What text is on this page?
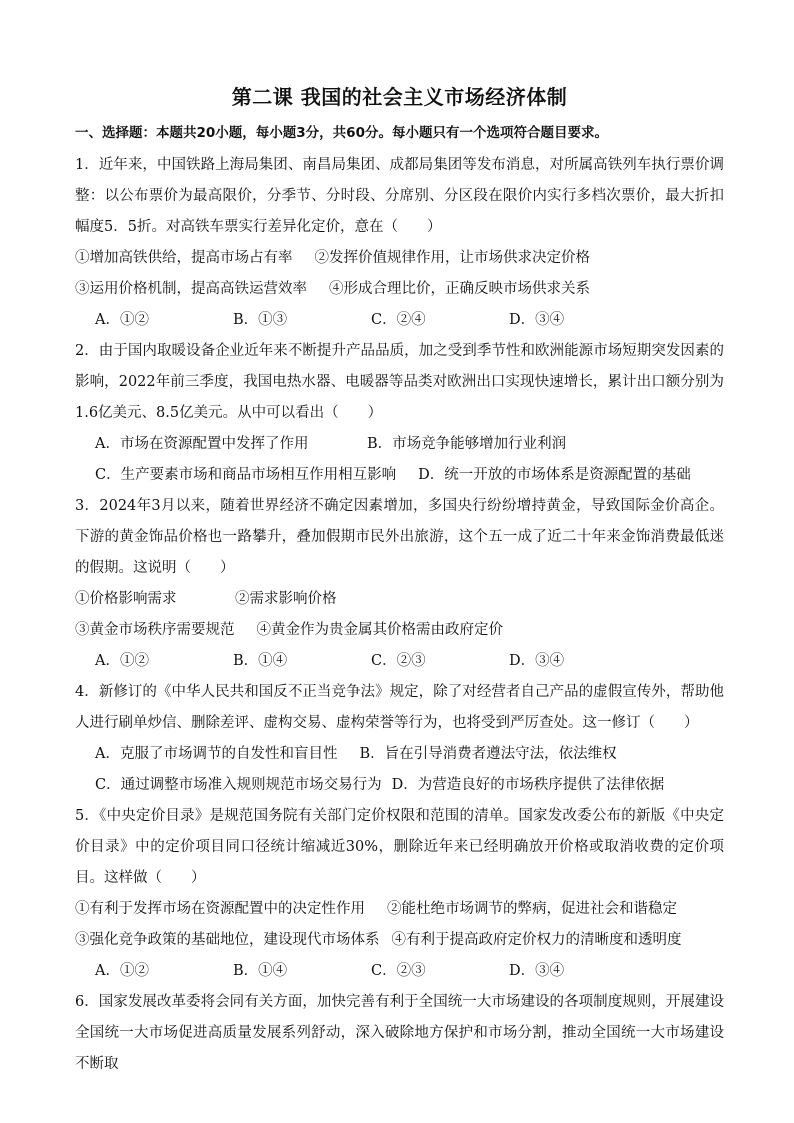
第二课 我国的社会主义市场经济体制
一、选择题：本题共20小题，每小题3分，共60分。每小题只有一个选项符合题目要求。

1．近年来，中国铁路上海局集团、南昌局集团、成都局集团等发布消息，对所属高铁列车执行票价调整：以公布票价为最高限价，分季节、分时段、分席别、分区段在限价内实行多档次票价，最大折扣幅度5．5折。对高铁车票实行差异化定价，意在（　　）

①增加高铁供给，提高市场占有率 ②发挥价值规律作用，让市场供求决定价格
③运用价格机制，提高高铁运营效率 ④形成合理比价，正确反映市场供求关系
A．①②	B．①③	C．②④	D．③④

2．由于国内取暖设备企业近年来不断提升产品品质，加之受到季节性和欧洲能源市场短期突发因素的影响，2022年前三季度，我国电热水器、电暖器等品类对欧洲出口实现快速增长，累计出口额分别为1.6亿美元、8.5亿美元。从中可以看出（　　）

A．市场在资源配置中发挥了作用	B．市场竞争能够增加行业利润
C．生产要素市场和商品市场相互作用相互影响 D．统一开放的市场体系是资源配置的基础

3．2024年3月以来，随着世界经济不确定因素增加，多国央行纷纷增持黄金，导致国际金价高企。下游的黄金饰品价格也一路攀升，叠加假期市民外出旅游，这个五一成了近二十年来金饰消费最低迷的假期。这说明（　　）

①价格影响需求	②需求影响价格
③黄金市场秩序需要规范 ④黄金作为贵金属其价格需由政府定价
A．①②	B．①④	C．②③	D．③④

4．新修订的《中华人民共和国反不正当竞争法》规定，除了对经营者自己产品的虚假宣传外，帮助他人进行刷单炒信、删除差评、虚构交易、虚构荣誉等行为，也将受到严厉查处。这一修订（　　）

A．克服了市场调节的自发性和盲目性 B．旨在引导消费者遵法守法，依法维权
C．通过调整市场准入规则规范市场交易行为 D．为营造良好的市场秩序提供了法律依据

5．《中央定价目录》是规范国务院有关部门定价权限和范围的清单。国家发改委公布的新版《中央定价目录》中的定价项目同口径统计缩减近30%，删除近年来已经明确放开价格或取消收费的定价项目。这样做（　　）

①有利于发挥市场在资源配置中的决定性作用 ②能杜绝市场调节的弊病，促进社会和谐稳定
③强化竞争政策的基础地位，建设现代市场体系 ④有利于提高政府定价权力的清晰度和透明度
A．①②	B．①④	C．②③	D．③④

6．国家发展改革委将会同有关方面，加快完善有利于全国统一大市场建设的各项制度规则，开展建设全国统一大市场促进高质量发展系列舒动，深入破除地方保护和市场分割，推动全国统一大市场建设不断取
